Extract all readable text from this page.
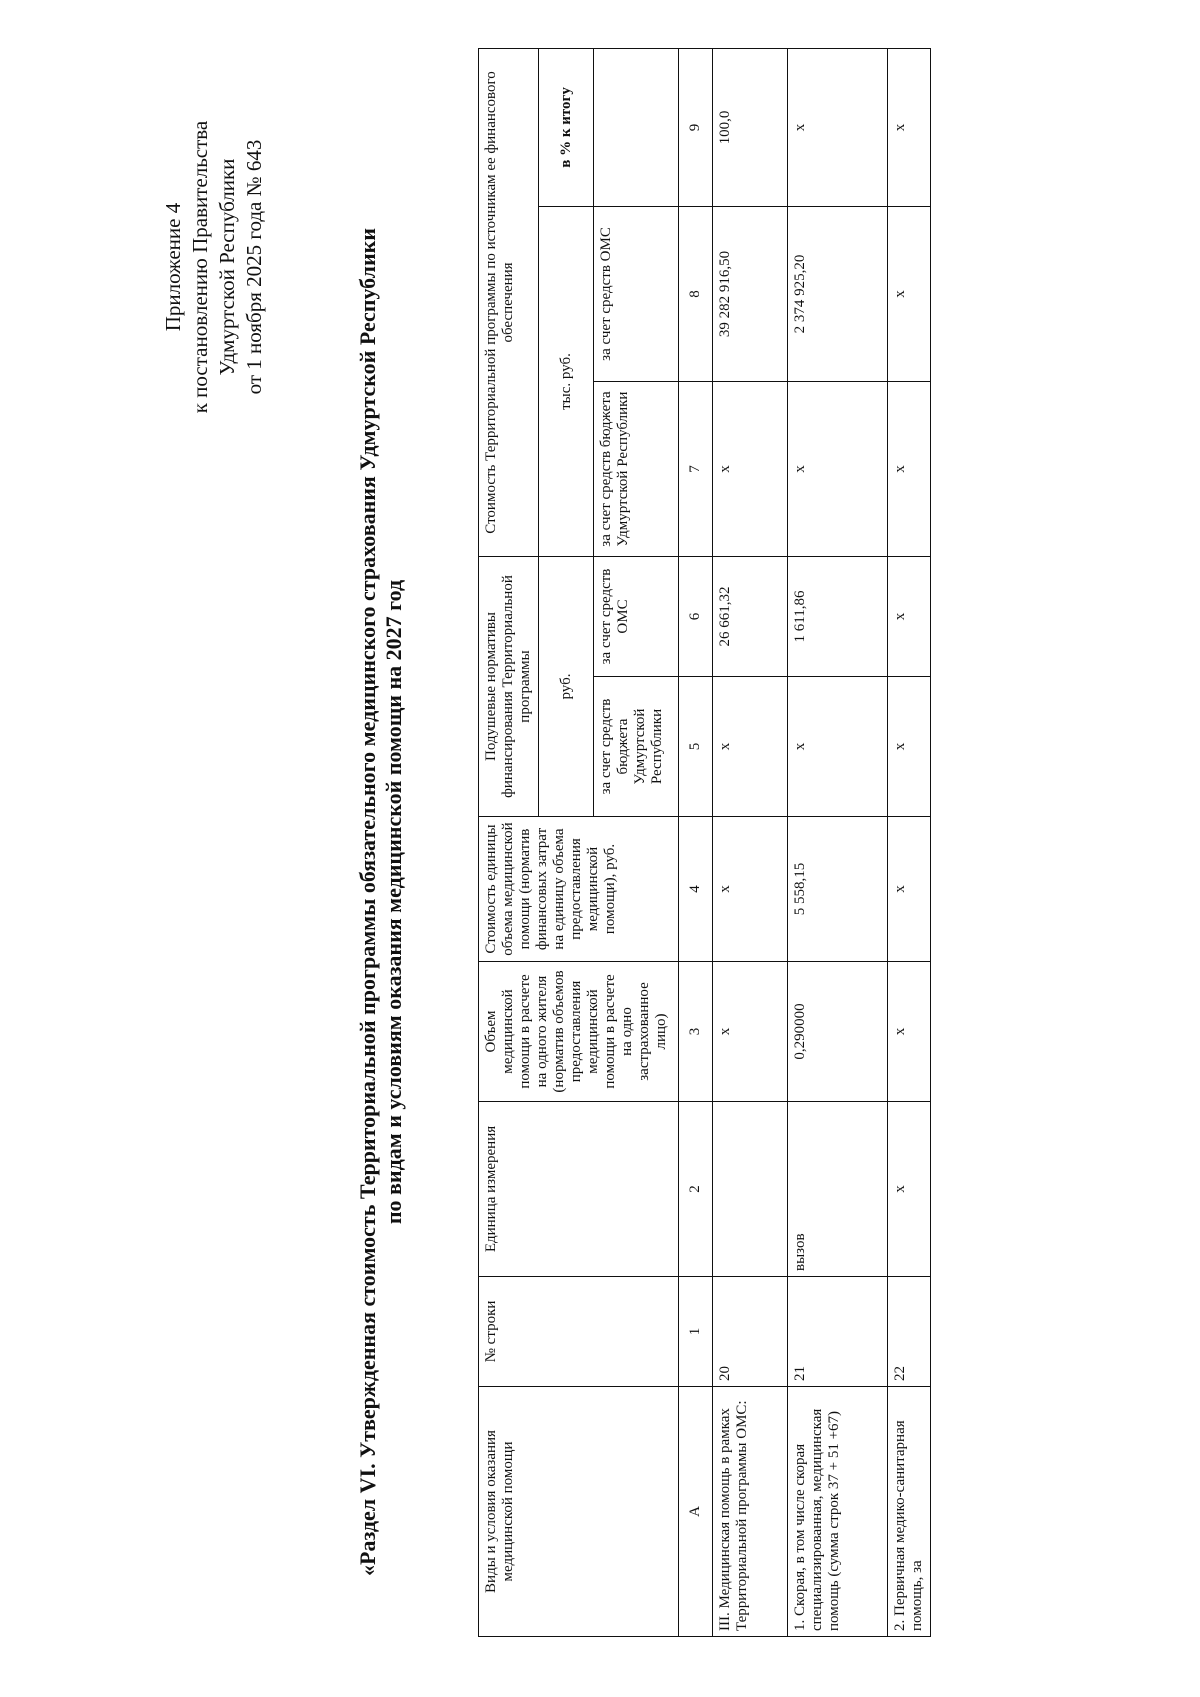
Приложение 4 к постановлению Правительства Удмуртской Республики от 1 ноября 2025 года № 643	«Раздел VI. Утвержденная стоимость Территориальной программы обязательного медицинского страхования Удмуртской Республики по видам и условиям оказания медицинской помощи на 2027 год
Виды и условия оказания медицинской помощи	№ строки	Единица измерения	Объем медицинской помощи в расчете на одного жителя (норматив объемов предоставления медицинской помощи в расчете на одно застрахованное лицо)	Стоимость единицы объема медицинской помощи (норматив финансовых затрат на единицу объема предоставления медицинской помощи), руб.	Подушевые нормативы финансирования Территориальной программы		Стоимость Территориальной программы по источникам ее финансового обеспечения		
					руб.		тыс. руб.		в % к итогу
					за счет средств бюджета Удмуртской Республики	за счет средств ОМС	за счет средств бюджета Удмуртской Республики	за счет средств ОМС	
А	1	2	3	4	5	6	7	8	9
III. Медицинская помощь в рамках Территориальной программы ОМС:	20		х	х	х	26 661,32	х	39 282 916,50	100,0
1. Скорая, в том числе скорая специализированная, медицинская помощь (сумма строк 37 + 51 +67)	21	вызов	0,290000	5 558,15	х	1 611,86	х	2 374 925,20	х
2. Первичная медико-санитарная помощь, за	22	х	х	х	х	х	х	х	х
